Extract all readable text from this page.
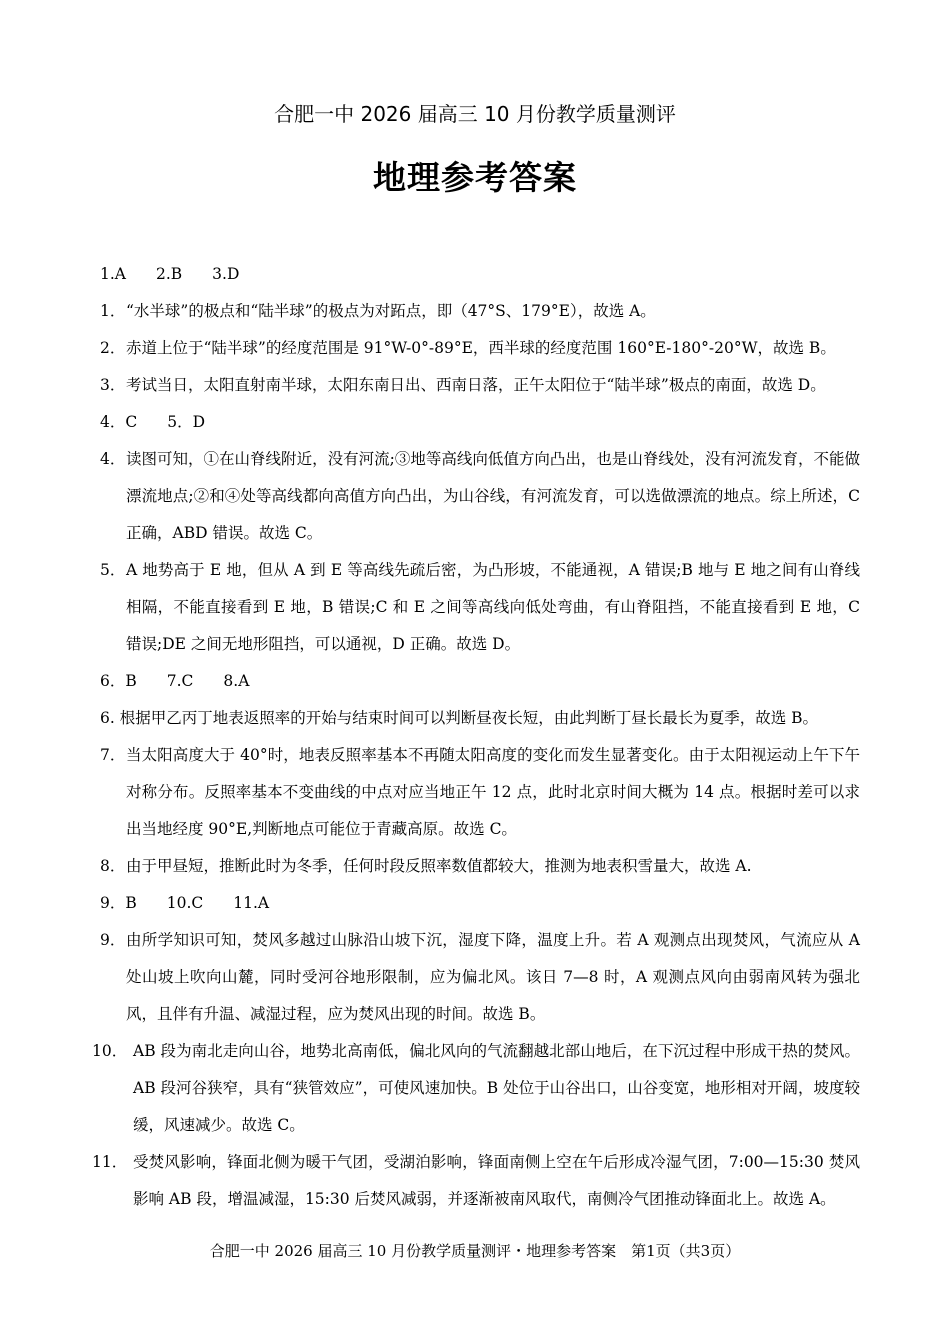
合肥一中 2026 届高三 10 月份教学质量测评
地理参考答案
1.A 2.B 3.D
1． “水半球”的极点和“陆半球”的极点为对跖点，即（47°S、179°E），故选 A。
2． 赤道上位于“陆半球”的经度范围是 91°W-0°-89°E，西半球的经度范围 160°E-180°-20°W，故选 B。
3． 考试当日，太阳直射南半球，太阳东南日出、西南日落，正午太阳位于“陆半球”极点的南面，故选 D。
4．C 5．D
4． 读图可知，①在山脊线附近，没有河流;③地等高线向低值方向凸出，也是山脊线处，没有河流发育，不能做漂流地点;②和④处等高线都向高值方向凸出，为山谷线，有河流发育，可以选做漂流的地点。综上所述，C 正确，ABD 错误。故选 C。
5． A 地势高于 E 地，但从 A 到 E 等高线先疏后密，为凸形坡，不能通视，A 错误;B 地与 E 地之间有山脊线相隔，不能直接看到 E 地，B 错误;C 和 E 之间等高线向低处弯曲，有山脊阻挡，不能直接看到 E 地，C 错误;DE 之间无地形阻挡，可以通视，D 正确。故选 D。
6．B 7.C 8.A
6. 根据甲乙丙丁地表返照率的开始与结束时间可以判断昼夜长短，由此判断丁昼长最长为夏季，故选 B。
7． 当太阳高度大于 40°时，地表反照率基本不再随太阳高度的变化而发生显著变化。由于太阳视运动上午下午对称分布。反照率基本不变曲线的中点对应当地正午 12 点，此时北京时间大概为 14 点。根据时差可以求出当地经度 90°E,判断地点可能位于青藏高原。故选 C。
8． 由于甲昼短，推断此时为冬季，任何时段反照率数值都较大，推测为地表积雪量大，故选 A.
9．B 10.C 11.A
9． 由所学知识可知，焚风多越过山脉沿山坡下沉，湿度下降，温度上升。若 A 观测点出现焚风，气流应从 A 处山坡上吹向山麓，同时受河谷地形限制，应为偏北风。该日 7—8 时，A 观测点风向由弱南风转为强北风，且伴有升温、减湿过程，应为焚风出现的时间。故选 B。
10． AB 段为南北走向山谷，地势北高南低，偏北风向的气流翻越北部山地后，在下沉过程中形成干热的焚风。AB 段河谷狭窄，具有“狭管效应”，可使风速加快。B 处位于山谷出口，山谷变宽，地形相对开阔，坡度较缓，风速减少。故选 C。
11． 受焚风影响，锋面北侧为暖干气团，受湖泊影响，锋面南侧上空在午后形成冷湿气团，7:00—15:30 焚风影响 AB 段，增温减湿，15:30 后焚风减弱，并逐渐被南风取代，南侧冷气团推动锋面北上。故选 A。
合肥一中 2026 届高三 10 月份教学质量测评・地理参考答案　第1页（共3页）
